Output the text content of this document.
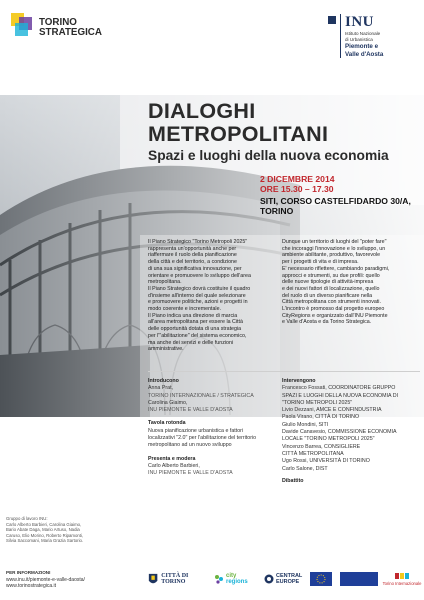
TORINO
STRATEGICA
INU
Istituto Nazionale
di Urbanistica
Piemonte e
Valle d'Aosta
DIALOGHI
METROPOLITANI
Spazi e luoghi della nuova economia
2 DICEMBRE 2014
ORE 15.30 – 17.30
SITI, CORSO CASTELFIDARDO 30/A, TORINO
Il Piano Strategico "Torino Metropoli 2025"
rappresenta un'opportunità anche per
riaffermare il ruolo della pianificazione
della città e del territorio, a condizione
di una sua significativa innovazione, per
orientare e promuovere lo sviluppo dell'area
metropolitana.
Il Piano Strategico dovrà costituire il quadro
d'insieme all'interno del quale selezionare
e promuovere politiche, azioni e progetti in
modo coerente e incrementale.
Il Piano indica una direzione di marcia
all'area metropolitana per essere la Città
delle opportunità dotata di una strategia
per l'"abilitazione" del sistema economico,
ma anche dei servizi e delle funzioni
amministrative.
Dunque un territorio di luoghi del "poter fare"
che incoraggi l'innovazione e lo sviluppo, un
ambiente abilitante, produttivo, favorevole
per i progetti di vita e di impresa.
E' necessario riflettere, cambiando paradigmi,
approcci e strumenti, su due profili: quello
delle nuove tipologie di attività-impresa
e dei nuovi fattori di localizzazione, quello
del ruolo di un diverso pianificare nella
Città metropolitana con strumenti innovati.
L'incontro è promosso dal progetto europeo
CityRegions e organizzato dall'INU Piemonte
e Valle d'Aosta e da Torino Strategica.
Introducono
Anna Prat,
TORINO INTERNAZIONALE / STRATEGICA
Carolina Giaimo,
INU PIEMONTE E VALLE D'AOSTA
Tavola rotonda
Nuova pianificazione urbanistica e fattori
localizzativi "2.0" per l'abilitazione del territorio
metropolitano ad un nuovo sviluppo
Presenta e modera
Carlo Alberto Barbieri,
INU PIEMONTE E VALLE D'AOSTA
Intervengono
Francesco Fossati, COORDINATORE GRUPPO
SPAZI E LUOGHI DELLA NUOVA ECONOMIA DI
"TORINO METROPOLI 2025"
Livio Dezzani, AMCE E CONFINDUSTRIA
Paola Virano, CITTÀ DI TORINO
Giulio Mondini, SITI
Davide Canavesio, COMMISSIONE ECONOMIA
LOCALE "TORINO METROPOLI 2025"
Vincenzo Barrea, CONSIGLIERE
CITTÀ METROPOLITANA
Ugo Rossi, UNIVERSITÀ DI TORINO
Carlo Salone, DIST
Dibattito
Gruppo di lavoro INU:
Carlo Alberto Barbieri, Carolina Giaimo,
Bario Abate Daga, Mario Artuso, Nadia
Caruso, Elio Morino, Roberto Ripamonti,
Silvia Saccomani, Maria Grazia Sartorio.
PER INFORMAZIONI
www.inu.it/piemonte-e-valle-daosta/
www.torinostrategica.it
CITTÀ DI TORINO
city
regions
CENTRAL
EUROPE	Torino Internazionale
